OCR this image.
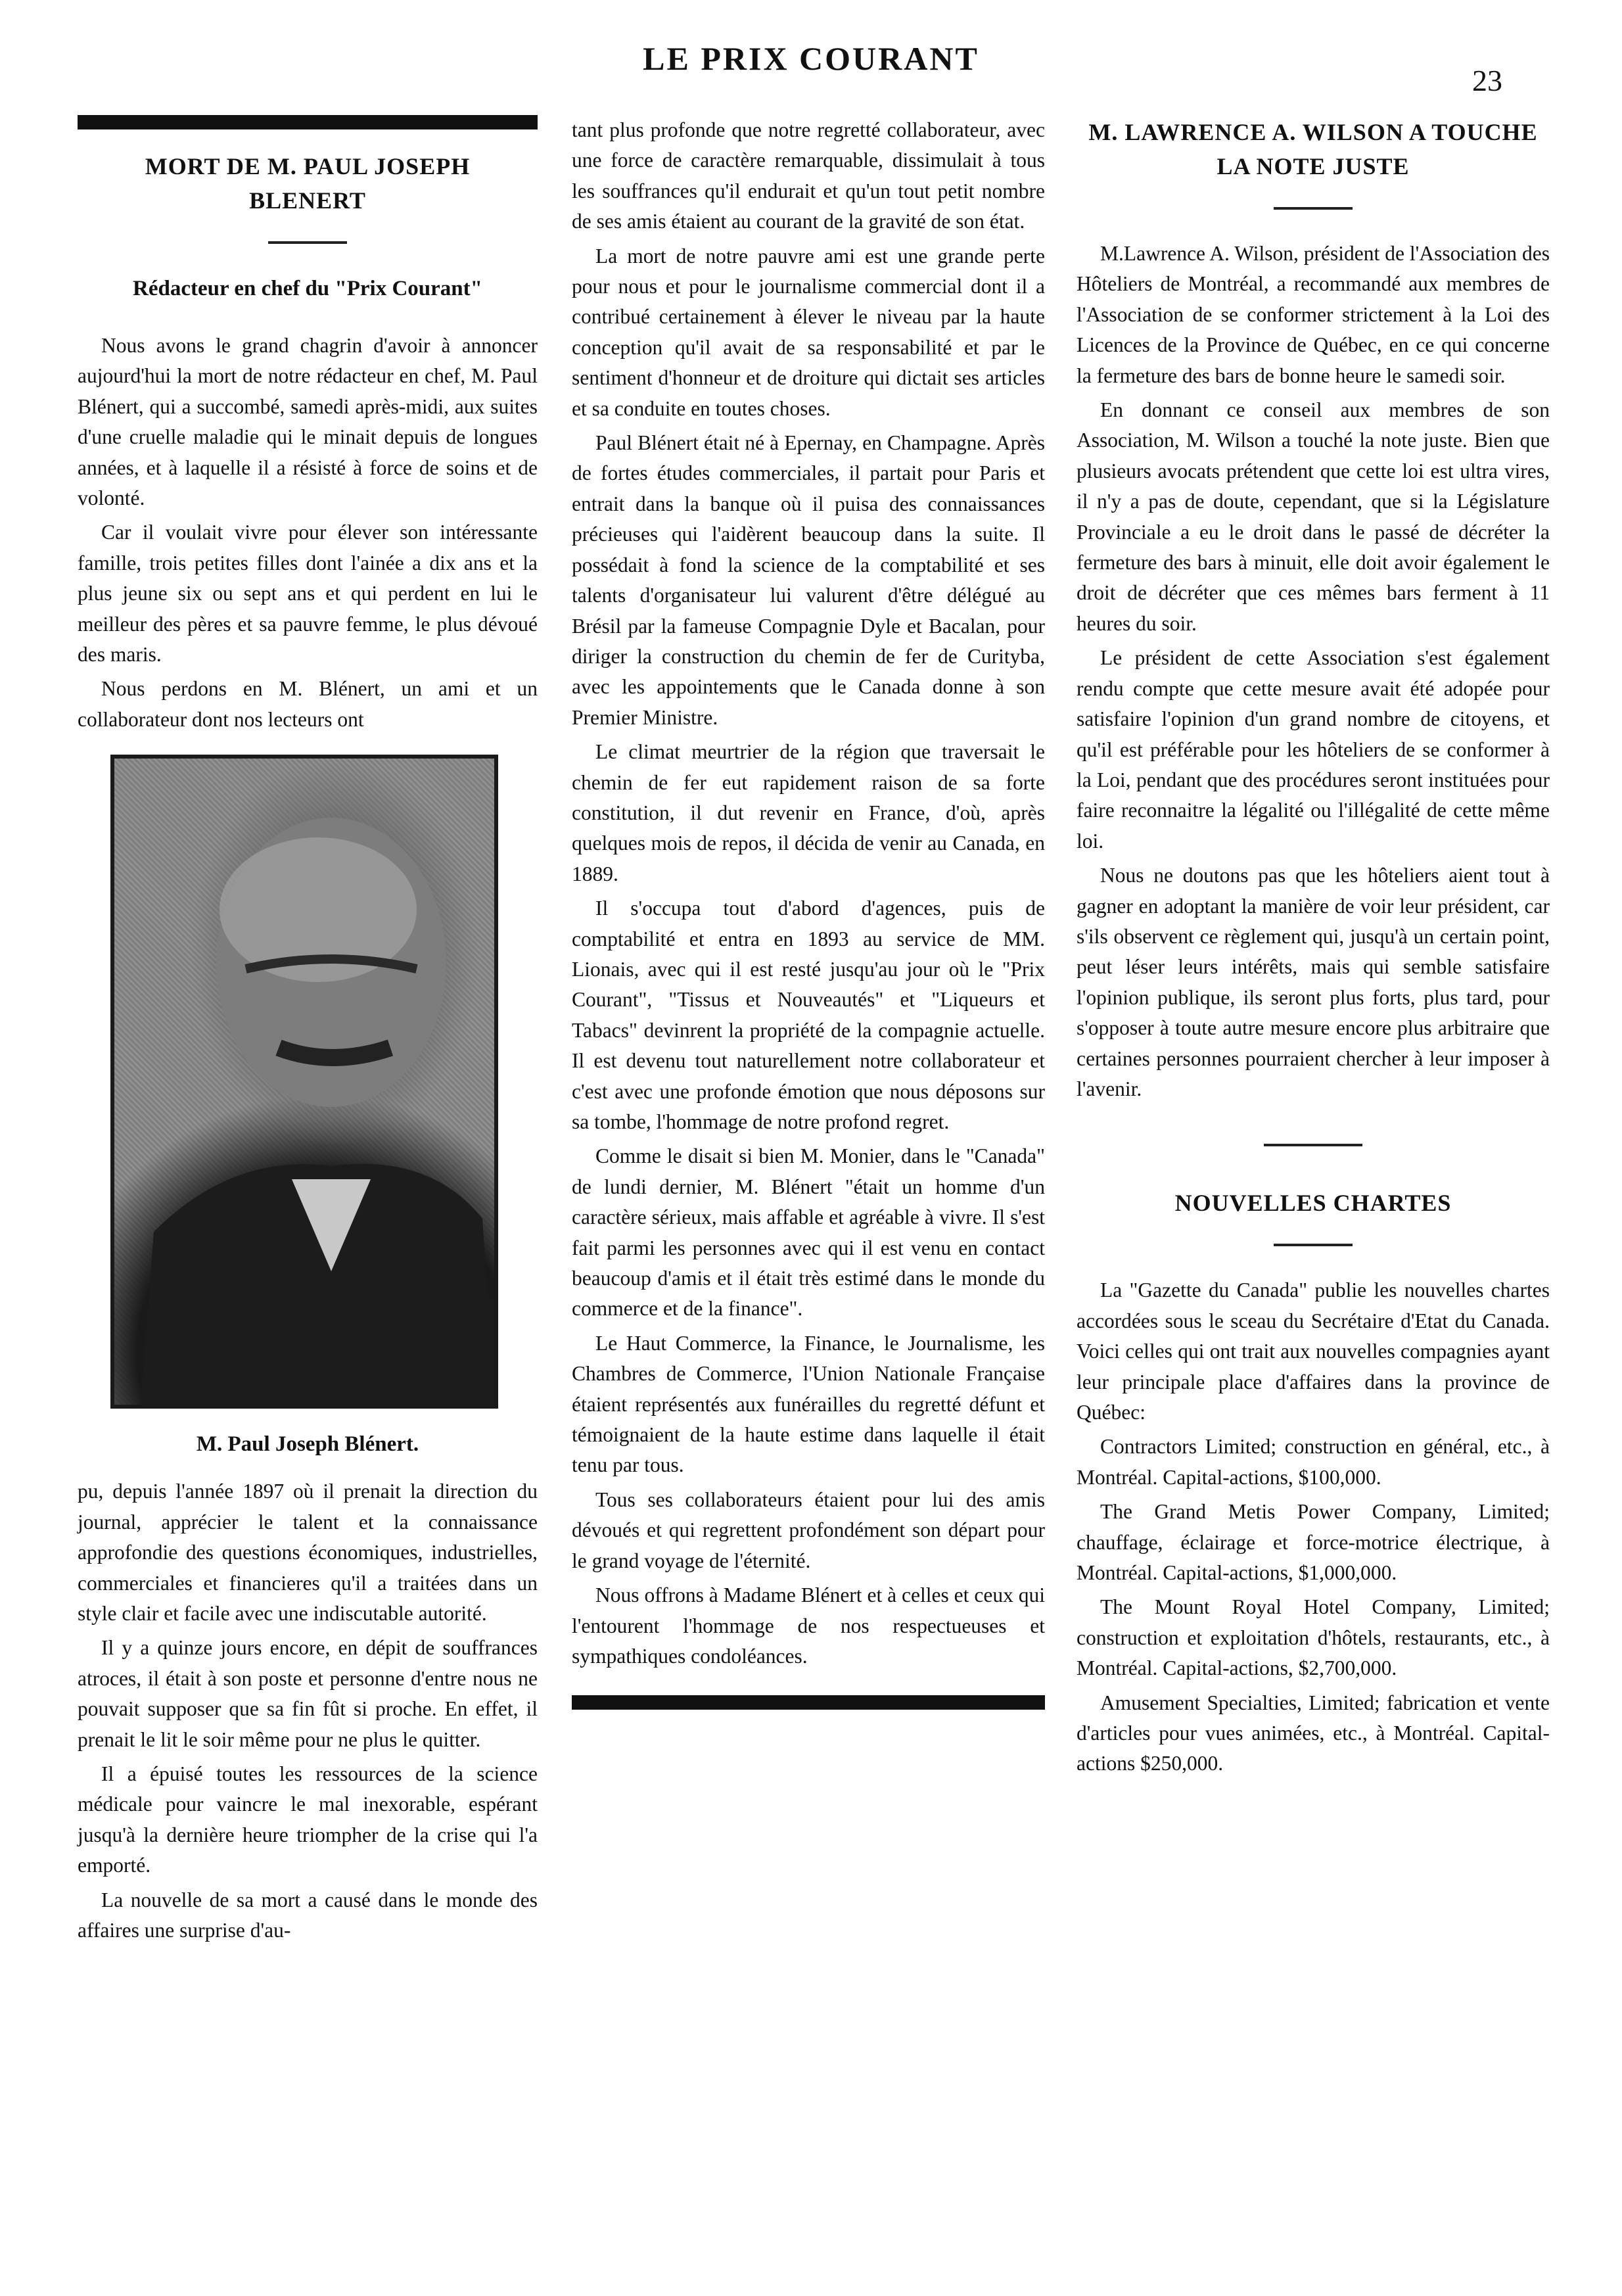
LE PRIX COURANT
23
MORT DE M. PAUL JOSEPH BLENERT
Rédacteur en chef du "Prix Courant"

Nous avons le grand chagrin d'avoir à annoncer aujourd'hui la mort de notre rédacteur en chef, M. Paul Blénert, qui a succombé, samedi après-midi, aux suites d'une cruelle maladie qui le minait depuis de longues années, et à laquelle il a résisté à force de soins et de volonté.

Car il voulait vivre pour élever son intéressante famille, trois petites filles dont l'ainée a dix ans et la plus jeune six ou sept ans et qui perdent en lui le meilleur des pères et sa pauvre femme, le plus dévoué des maris.

Nous perdons en M. Blénert, un ami et un collaborateur dont nos lecteurs ont

M. Paul Joseph Blénert.

pu, depuis l'année 1897 où il prenait la direction du journal, apprécier le talent et la connaissance approfondie des questions économiques, industrielles, commerciales et financieres qu'il a traitées dans un style clair et facile avec une indiscutable autorité.

Il y a quinze jours encore, en dépit de souffrances atroces, il était à son poste et personne d'entre nous ne pouvait supposer que sa fin fût si proche. En effet, il prenait le lit le soir même pour ne plus le quitter.

Il a épuisé toutes les ressources de la science médicale pour vaincre le mal inexorable, espérant jusqu'à la dernière heure triompher de la crise qui l'a emporté.

La nouvelle de sa mort a causé dans le monde des affaires une surprise d'au-

tant plus profonde que notre regretté collaborateur, avec une force de caractère remarquable, dissimulait à tous les souffrances qu'il endurait et qu'un tout petit nombre de ses amis étaient au courant de la gravité de son état.

La mort de notre pauvre ami est une grande perte pour nous et pour le journalisme commercial dont il a contribué certainement à élever le niveau par la haute conception qu'il avait de sa responsabilité et par le sentiment d'honneur et de droiture qui dictait ses articles et sa conduite en toutes choses.

Paul Blénert était né à Epernay, en Champagne. Après de fortes études commerciales, il partait pour Paris et entrait dans la banque où il puisa des connaissances précieuses qui l'aidèrent beaucoup dans la suite. Il possédait à fond la science de la comptabilité et ses talents d'organisateur lui valurent d'être délégué au Brésil par la fameuse Compagnie Dyle et Bacalan, pour diriger la construction du chemin de fer de Curityba, avec les appointements que le Canada donne à son Premier Ministre.

Le climat meurtrier de la région que traversait le chemin de fer eut rapidement raison de sa forte constitution, il dut revenir en France, d'où, après quelques mois de repos, il décida de venir au Canada, en 1889.

Il s'occupa tout d'abord d'agences, puis de comptabilité et entra en 1893 au service de MM. Lionais, avec qui il est resté jusqu'au jour où le "Prix Courant", "Tissus et Nouveautés" et "Liqueurs et Tabacs" devinrent la propriété de la compagnie actuelle. Il est devenu tout naturellement notre collaborateur et c'est avec une profonde émotion que nous déposons sur sa tombe, l'hommage de notre profond regret.

Comme le disait si bien M. Monier, dans le "Canada" de lundi dernier, M. Blénert "était un homme d'un caractère sérieux, mais affable et agréable à vivre. Il s'est fait parmi les personnes avec qui il est venu en contact beaucoup d'amis et il était très estimé dans le monde du commerce et de la finance".

Le Haut Commerce, la Finance, le Journalisme, les Chambres de Commerce, l'Union Nationale Française étaient représentés aux funérailles du regretté défunt et témoignaient de la haute estime dans laquelle il était tenu par tous.

Tous ses collaborateurs étaient pour lui des amis dévoués et qui regrettent profondément son départ pour le grand voyage de l'éternité.

Nous offrons à Madame Blénert et à celles et ceux qui l'entourent l'hommage de nos respectueuses et sympathiques condoléances.

M. LAWRENCE A. WILSON A TOUCHE LA NOTE JUSTE

M.Lawrence A. Wilson, président de l'Association des Hôteliers de Montréal, a recommandé aux membres de l'Association de se conformer strictement à la Loi des Licences de la Province de Québec, en ce qui concerne la fermeture des bars de bonne heure le samedi soir.

En donnant ce conseil aux membres de son Association, M. Wilson a touché la note juste. Bien que plusieurs avocats prétendent que cette loi est ultra vires, il n'y a pas de doute, cependant, que si la Législature Provinciale a eu le droit dans le passé de décréter la fermeture des bars à minuit, elle doit avoir également le droit de décréter que ces mêmes bars ferment à 11 heures du soir.

Le président de cette Association s'est également rendu compte que cette mesure avait été adopée pour satisfaire l'opinion d'un grand nombre de citoyens, et qu'il est préférable pour les hôteliers de se conformer à la Loi, pendant que des procédures seront instituées pour faire reconnaitre la légalité ou l'illégalité de cette même loi.

Nous ne doutons pas que les hôteliers aient tout à gagner en adoptant la manière de voir leur président, car s'ils observent ce règlement qui, jusqu'à un certain point, peut léser leurs intérêts, mais qui semble satisfaire l'opinion publique, ils seront plus forts, plus tard, pour s'opposer à toute autre mesure encore plus arbitraire que certaines personnes pourraient chercher à leur imposer à l'avenir.

NOUVELLES CHARTES

La "Gazette du Canada" publie les nouvelles chartes accordées sous le sceau du Secrétaire d'Etat du Canada. Voici celles qui ont trait aux nouvelles compagnies ayant leur principale place d'affaires dans la province de Québec:

Contractors Limited; construction en général, etc., à Montréal. Capital-actions, $100,000.

The Grand Metis Power Company, Limited; chauffage, éclairage et force-motrice électrique, à Montréal. Capital-actions, $1,000,000.

The Mount Royal Hotel Company, Limited; construction et exploitation d'hôtels, restaurants, etc., à Montréal. Capital-actions, $2,700,000.

Amusement Specialties, Limited; fabrication et vente d'articles pour vues animées, etc., à Montréal. Capital-actions $250,000.
